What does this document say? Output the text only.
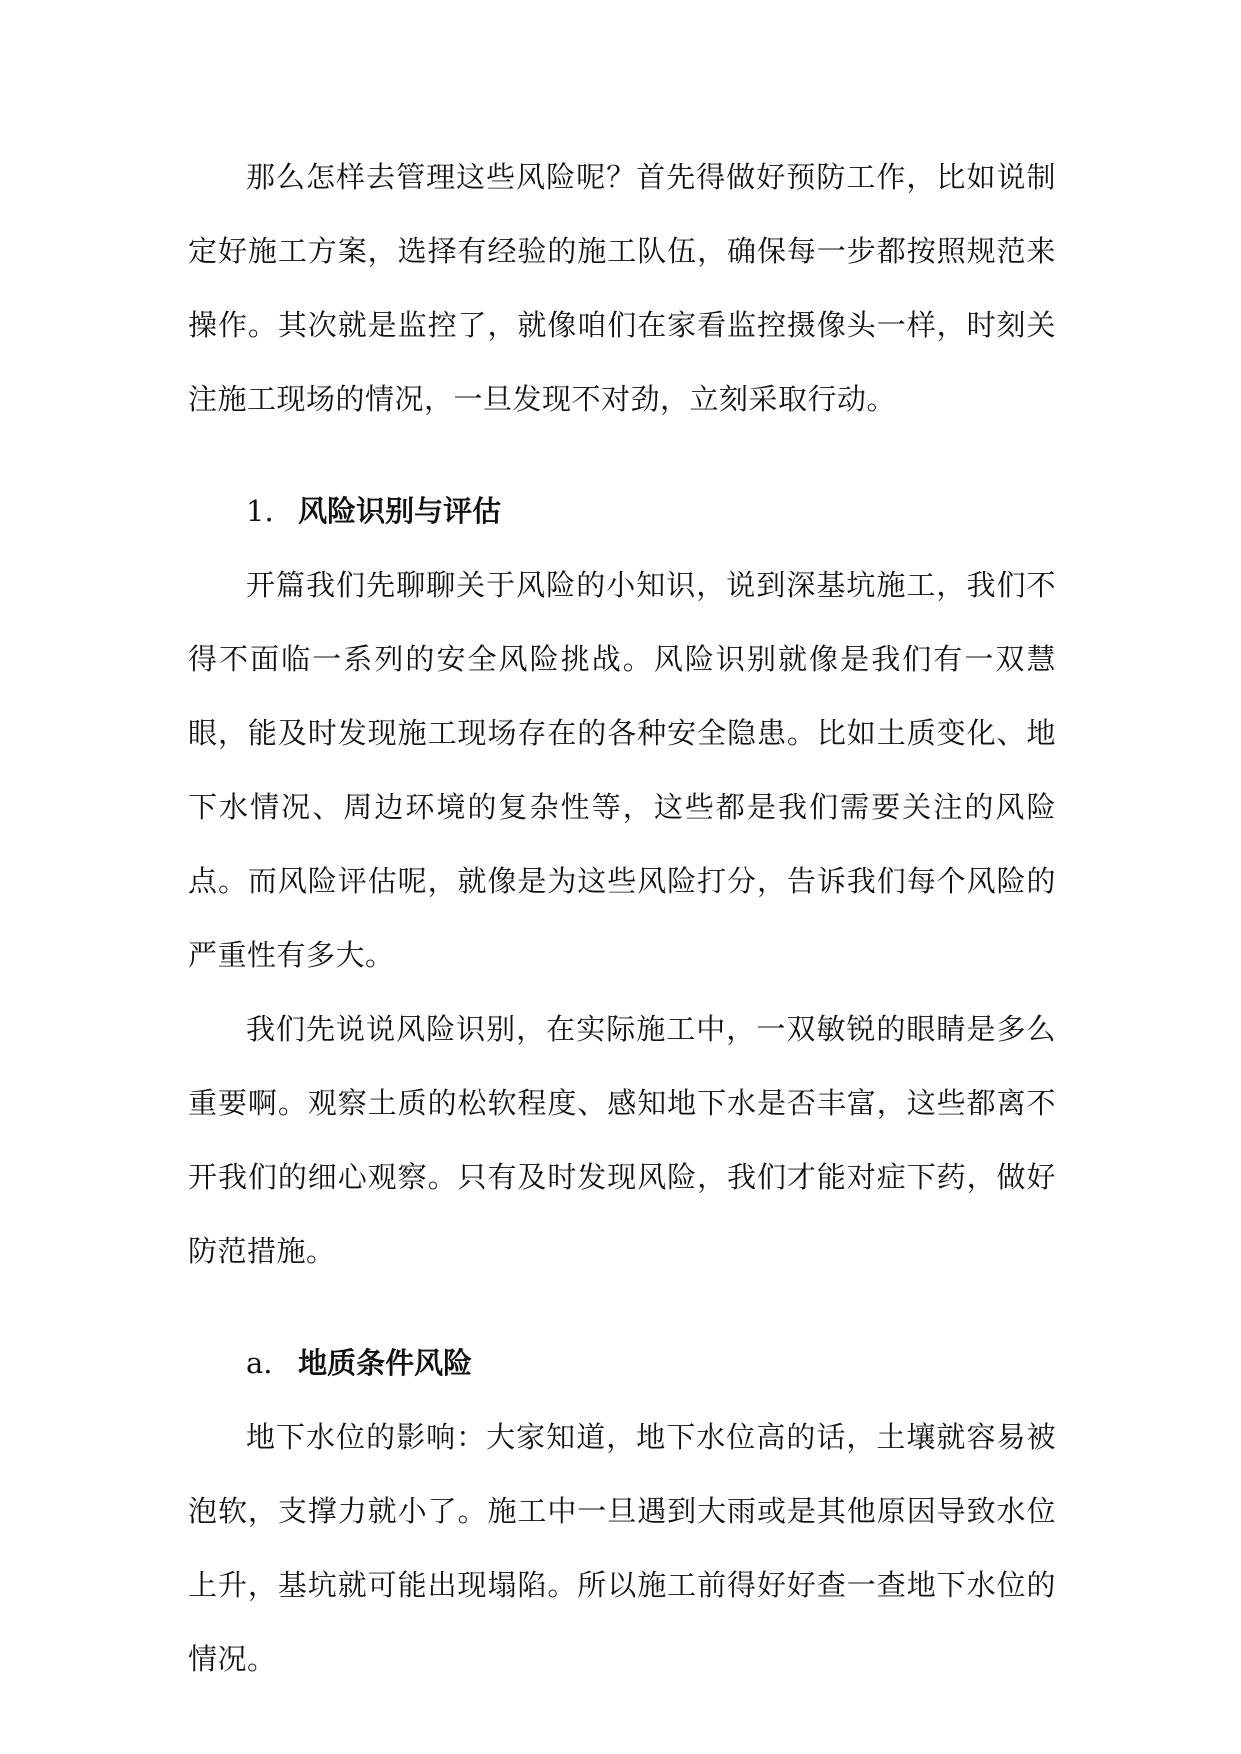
那么怎样去管理这些风险呢？首先得做好预防工作，比如说制定好施工方案，选择有经验的施工队伍，确保每一步都按照规范来操作。其次就是监控了，就像咱们在家看监控摄像头一样，时刻关注施工现场的情况，一旦发现不对劲，立刻采取行动。

1. 风险识别与评估

开篇我们先聊聊关于风险的小知识，说到深基坑施工，我们不得不面临一系列的安全风险挑战。风险识别就像是我们有一双慧眼，能及时发现施工现场存在的各种安全隐患。比如土质变化、地下水情况、周边环境的复杂性等，这些都是我们需要关注的风险点。而风险评估呢，就像是为这些风险打分，告诉我们每个风险的严重性有多大。

我们先说说风险识别，在实际施工中，一双敏锐的眼睛是多么重要啊。观察土质的松软程度、感知地下水是否丰富，这些都离不开我们的细心观察。只有及时发现风险，我们才能对症下药，做好防范措施。

a. 地质条件风险

地下水位的影响：大家知道，地下水位高的话，土壤就容易被泡软，支撑力就小了。施工中一旦遇到大雨或是其他原因导致水位上升，基坑就可能出现塌陷。所以施工前得好好查一查地下水位的情况。
